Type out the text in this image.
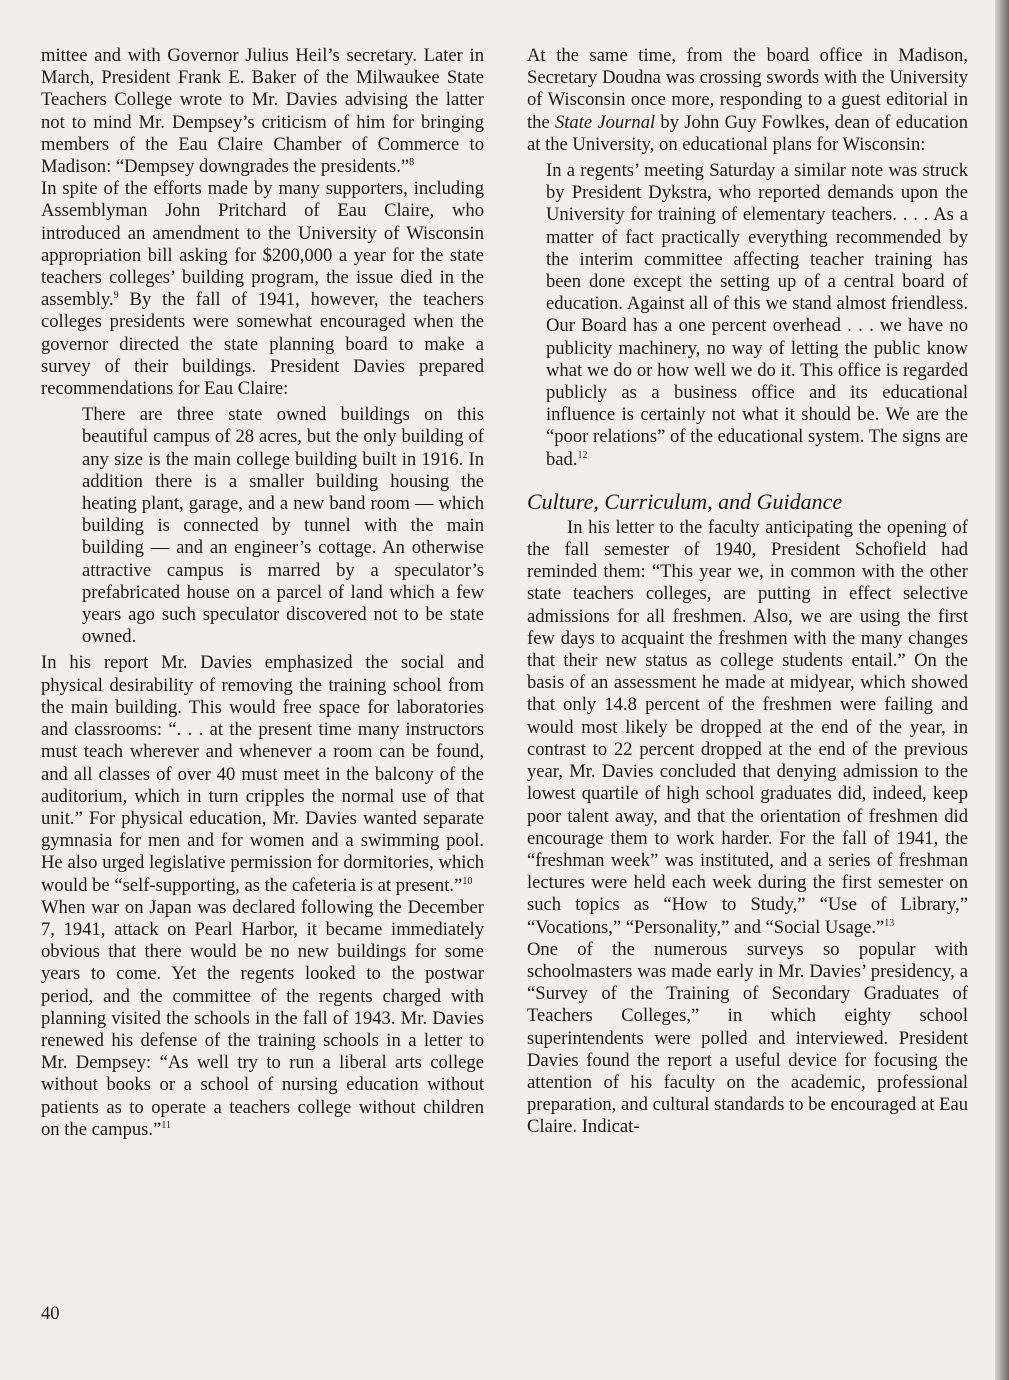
mittee and with Governor Julius Heil’s secretary. Later in March, President Frank E. Baker of the Milwaukee State Teachers College wrote to Mr. Davies advising the latter not to mind Mr. Dempsey’s criticism of him for bringing members of the Eau Claire Chamber of Commerce to Madison: “Dempsey downgrades the presidents.”$^8$

In spite of the efforts made by many supporters, including Assemblyman John Pritchard of Eau Claire, who introduced an amendment to the University of Wisconsin appropriation bill asking for $200,000 a year for the state teachers colleges’ building program, the issue died in the assembly.$^9$ By the fall of 1941, however, the teachers colleges presidents were somewhat encouraged when the governor directed the state planning board to make a survey of their buildings. President Davies prepared recommendations for Eau Claire:

There are three state owned buildings on this beautiful campus of 28 acres, but the only building of any size is the main college building built in 1916. In addition there is a smaller building housing the heating plant, garage, and a new band room — which building is connected by tunnel with the main building — and an engineer’s cottage. An otherwise attractive campus is marred by a speculator’s prefabricated house on a parcel of land which a few years ago such speculator discovered not to be state owned.

In his report Mr. Davies emphasized the social and physical desirability of removing the training school from the main building. This would free space for laboratories and classrooms: “. . . at the present time many instructors must teach wherever and whenever a room can be found, and all classes of over 40 must meet in the balcony of the auditorium, which in turn cripples the normal use of that unit.” For physical education, Mr. Davies wanted separate gymnasia for men and for women and a swimming pool. He also urged legislative permission for dormitories, which would be “self-supporting, as the cafeteria is at present.”$^{10}$

When war on Japan was declared following the December 7, 1941, attack on Pearl Harbor, it became immediately obvious that there would be no new buildings for some years to come. Yet the regents looked to the postwar period, and the committee of the regents charged with planning visited the schools in the fall of 1943. Mr. Davies renewed his defense of the training schools in a letter to Mr. Dempsey: “As well try to run a liberal arts college without books or a school of nursing education without patients as to operate a teachers college without children on the campus.”$^{11}$

At the same time, from the board office in Madison, Secretary Doudna was crossing swords with the University of Wisconsin once more, responding to a guest editorial in the State Journal by John Guy Fowlkes, dean of education at the University, on educational plans for Wisconsin:

In a regents’ meeting Saturday a similar note was struck by President Dykstra, who reported demands upon the University for training of elementary teachers. . . . As a matter of fact practically everything recommended by the interim committee affecting teacher training has been done except the setting up of a central board of education. Against all of this we stand almost friendless. Our Board has a one percent overhead . . . we have no publicity machinery, no way of letting the public know what we do or how well we do it. This office is regarded publicly as a business office and its educational influence is certainly not what it should be. We are the “poor relations” of the educational system. The signs are bad.$^{12}$

Culture, Curriculum, and Guidance

In his letter to the faculty anticipating the opening of the fall semester of 1940, President Schofield had reminded them: “This year we, in common with the other state teachers colleges, are putting in effect selective admissions for all freshmen. Also, we are using the first few days to acquaint the freshmen with the many changes that their new status as college students entail.” On the basis of an assessment he made at midyear, which showed that only 14.8 percent of the freshmen were failing and would most likely be dropped at the end of the year, in contrast to 22 percent dropped at the end of the previous year, Mr. Davies concluded that denying admission to the lowest quartile of high school graduates did, indeed, keep poor talent away, and that the orientation of freshmen did encourage them to work harder. For the fall of 1941, the “freshman week” was instituted, and a series of freshman lectures were held each week during the first semester on such topics as “How to Study,” “Use of Library,” “Vocations,” “Personality,” and “Social Usage.”$^{13}$

One of the numerous surveys so popular with schoolmasters was made early in Mr. Davies’ presidency, a “Survey of the Training of Secondary Graduates of Teachers Colleges,” in which eighty school superintendents were polled and interviewed. President Davies found the report a useful device for focusing the attention of his faculty on the academic, professional preparation, and cultural standards to be encouraged at Eau Claire. Indicat-

40
